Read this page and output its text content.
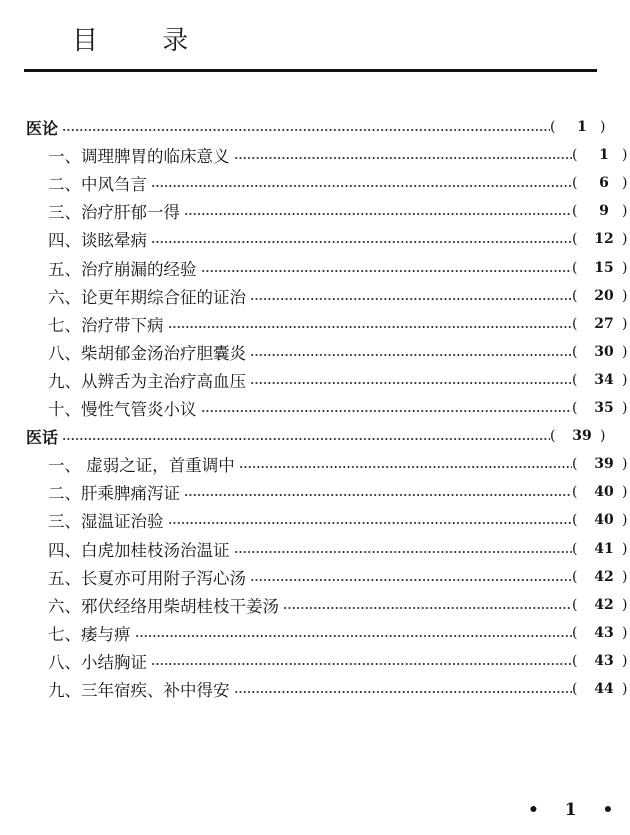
目 录
医论	(	1 )
一、调理脾胃的临床意义	(	1 )
二、中风刍言	(	6 )
三、治疗肝郁一得	(	9 )
四、谈眩晕病	(	12 )
五、治疗崩漏的经验	(	15 )
六、论更年期综合征的证治	(	20 )
七、治疗带下病	(	27 )
八、柴胡郁金汤治疗胆囊炎	(	30 )
九、从辨舌为主治疗高血压	(	34 )
十、慢性气管炎小议	(	35 )
医话	(	39 )
一、 虚弱之证，首重调中	(	39 )
二、肝乘脾痛泻证	(	40 )
三、湿温证治验	(	40 )
四、白虎加桂枝汤治温证	(	41 )
五、长夏亦可用附子泻心汤	(	42 )
六、邪伏经络用柴胡桂枝干姜汤	(	42 )
七、痿与痹	(	43 )
八、小结胸证	(	43 )
九、三年宿疾、补中得安	(	44 )
• 1 •
